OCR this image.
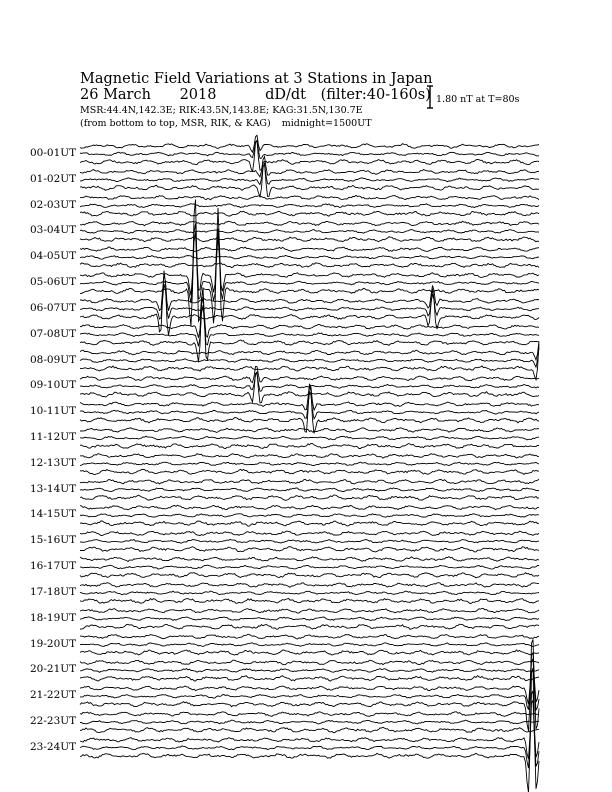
Magnetic Field Variations at 3 Stations in Japan
26 March 2018	dD/dt (filter:40-160s)
MSR:44.4N,142.3E; RIK:43.5N,143.8E; KAG:31.5N,130.7E
(from bottom to top, MSR, RIK, & KAG) midnight=1500UT
1.80 nT at T=80s
00-01UT
01-02UT
02-03UT
03-04UT
04-05UT
05-06UT
06-07UT
07-08UT
08-09UT
09-10UT
10-11UT
11-12UT
12-13UT
13-14UT
14-15UT
15-16UT
16-17UT
17-18UT
18-19UT
19-20UT
20-21UT
21-22UT
22-23UT
23-24UT
